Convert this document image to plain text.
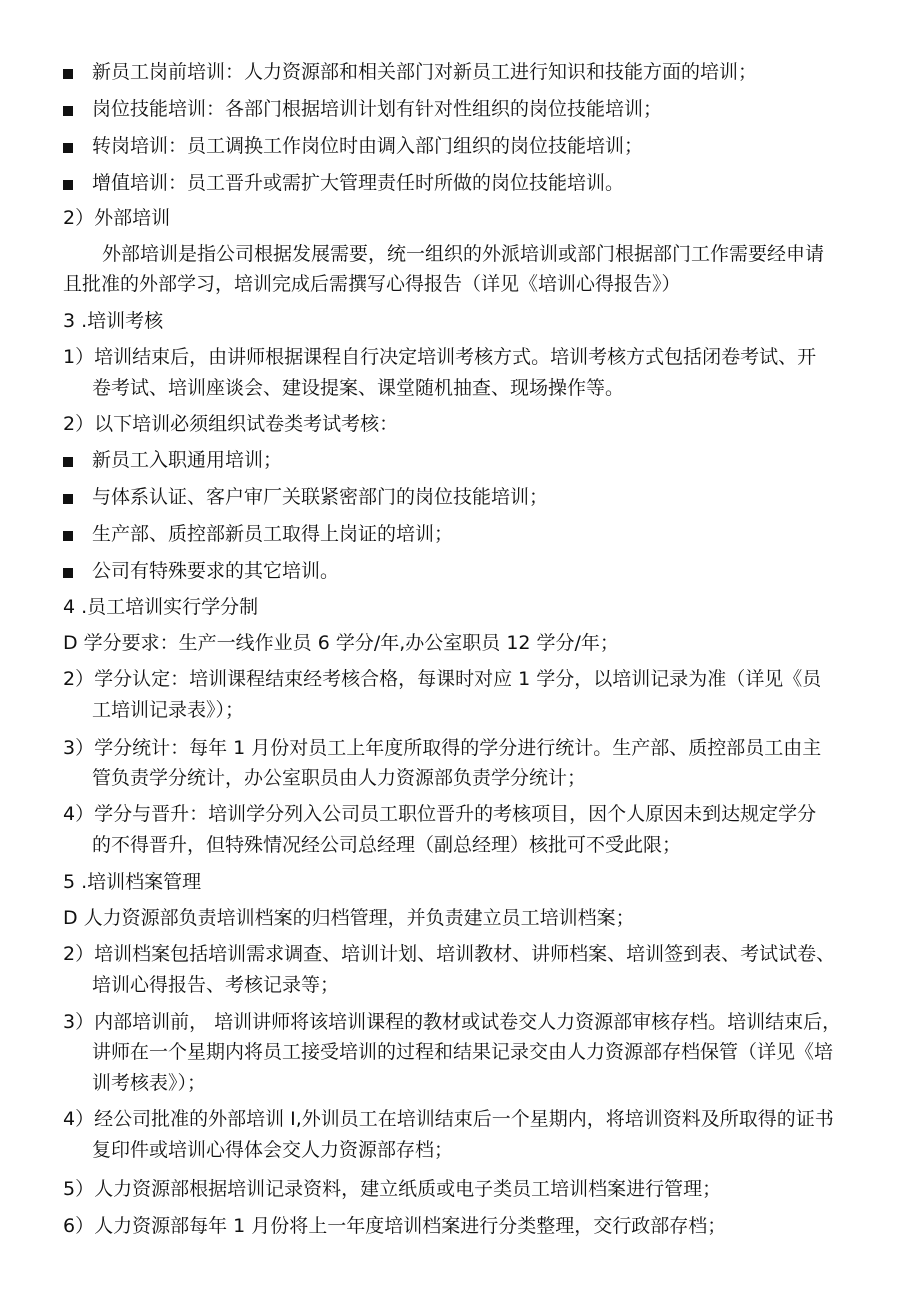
新员工岗前培训：人力资源部和相关部门对新员工进行知识和技能方面的培训；

岗位技能培训：各部门根据培训计划有针对性组织的岗位技能培训；

转岗培训：员工调换工作岗位时由调入部门组织的岗位技能培训；

增值培训：员工晋升或需扩大管理责任时所做的岗位技能培训。

2）外部培训

外部培训是指公司根据发展需要，统一组织的外派培训或部门根据部门工作需要经申请

且批准的外部学习，培训完成后需撰写心得报告（详见《培训心得报告》）

3 .培训考核

1）培训结束后，由讲师根据课程自行决定培训考核方式。培训考核方式包括闭卷考试、开

卷考试、培训座谈会、建设提案、课堂随机抽查、现场操作等。

2）以下培训必须组织试卷类考试考核：

新员工入职通用培训；

与体系认证、客户审厂关联紧密部门的岗位技能培训；

生产部、质控部新员工取得上岗证的培训；

公司有特殊要求的其它培训。

4 .员工培训实行学分制

D 学分要求：生产一线作业员 6 学分/年,办公室职员 12 学分/年；

2）学分认定：培训课程结束经考核合格，每课时对应 1 学分，以培训记录为准（详见《员

工培训记录表》）；

3）学分统计：每年 1 月份对员工上年度所取得的学分进行统计。生产部、质控部员工由主

管负责学分统计，办公室职员由人力资源部负责学分统计；

4）学分与晋升：培训学分列入公司员工职位晋升的考核项目，因个人原因未到达规定学分

的不得晋升，但特殊情况经公司总经理（副总经理）核批可不受此限；

5 .培训档案管理

D 人力资源部负责培训档案的归档管理，并负责建立员工培训档案；

2）培训档案包括培训需求调查、培训计划、培训教材、讲师档案、培训签到表、考试试卷、

培训心得报告、考核记录等；

3）内部培训前， 培训讲师将该培训课程的教材或试卷交人力资源部审核存档。培训结束后，

讲师在一个星期内将员工接受培训的过程和结果记录交由人力资源部存档保管（详见《培

训考核表》）；

4）经公司批准的外部培训 I,外训员工在培训结束后一个星期内，将培训资料及所取得的证书

复印件或培训心得体会交人力资源部存档；

5）人力资源部根据培训记录资料，建立纸质或电子类员工培训档案进行管理；

6）人力资源部每年 1 月份将上一年度培训档案进行分类整理，交行政部存档；
